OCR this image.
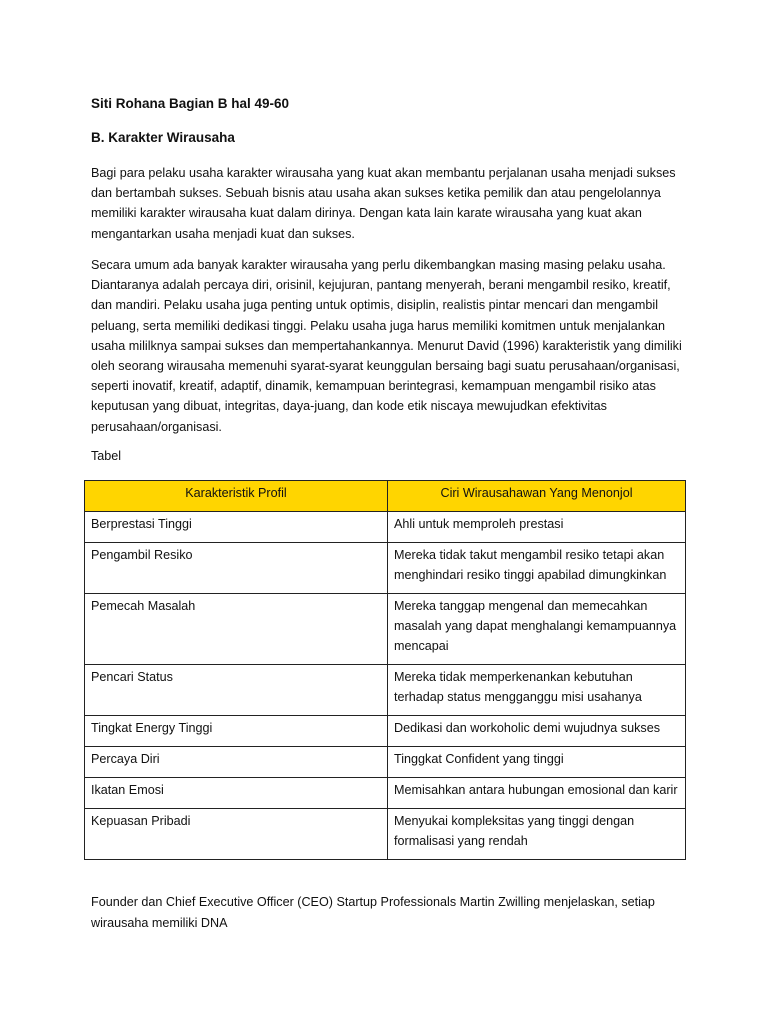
Siti Rohana Bagian B hal 49-60
B. Karakter Wirausaha
Bagi para pelaku usaha karakter wirausaha yang kuat akan membantu perjalanan usaha menjadi sukses dan bertambah sukses. Sebuah bisnis atau usaha akan sukses ketika pemilik dan atau pengelolannya memiliki karakter wirausaha kuat dalam dirinya. Dengan kata lain karate wirausaha yang kuat akan mengantarkan usaha menjadi kuat dan sukses.
Secara umum ada banyak karakter wirausaha yang perlu dikembangkan masing masing pelaku usaha. Diantaranya adalah percaya diri, orisinil, kejujuran, pantang menyerah, berani mengambil resiko, kreatif, dan mandiri. Pelaku usaha juga penting untuk optimis, disiplin, realistis pintar mencari dan mengambil peluang, serta memiliki dedikasi tinggi. Pelaku usaha juga harus memiliki komitmen untuk menjalankan usaha mililknya sampai sukses dan mempertahankannya. Menurut David (1996) karakteristik yang dimiliki oleh seorang wirausaha memenuhi syarat-syarat keunggulan bersaing bagi suatu perusahaan/organisasi, seperti inovatif, kreatif, adaptif, dinamik, kemampuan berintegrasi, kemampuan mengambil risiko atas keputusan yang dibuat, integritas, daya-juang, dan kode etik niscaya mewujudkan efektivitas perusahaan/organisasi.
Tabel
Karakteristik Profil	Ciri Wirausahawan Yang Menonjol
Berprestasi Tinggi	Ahli untuk memproleh prestasi
Pengambil Resiko	Mereka tidak takut mengambil resiko tetapi akan menghindari resiko tinggi apabilad dimungkinkan
Pemecah Masalah	Mereka tanggap mengenal dan memecahkan masalah yang dapat menghalangi kemampuannya mencapai
Pencari Status	Mereka tidak memperkenankan kebutuhan terhadap status mengganggu misi usahanya
Tingkat Energy Tinggi	Dedikasi dan workoholic demi wujudnya sukses
Percaya Diri	Tinggkat Confident yang tinggi
Ikatan Emosi	Memisahkan antara hubungan emosional dan karir
Kepuasan Pribadi	Menyukai kompleksitas yang tinggi dengan formalisasi yang rendah
Founder dan Chief Executive Officer (CEO) Startup Professionals Martin Zwilling menjelaskan, setiap wirausaha memiliki DNA
